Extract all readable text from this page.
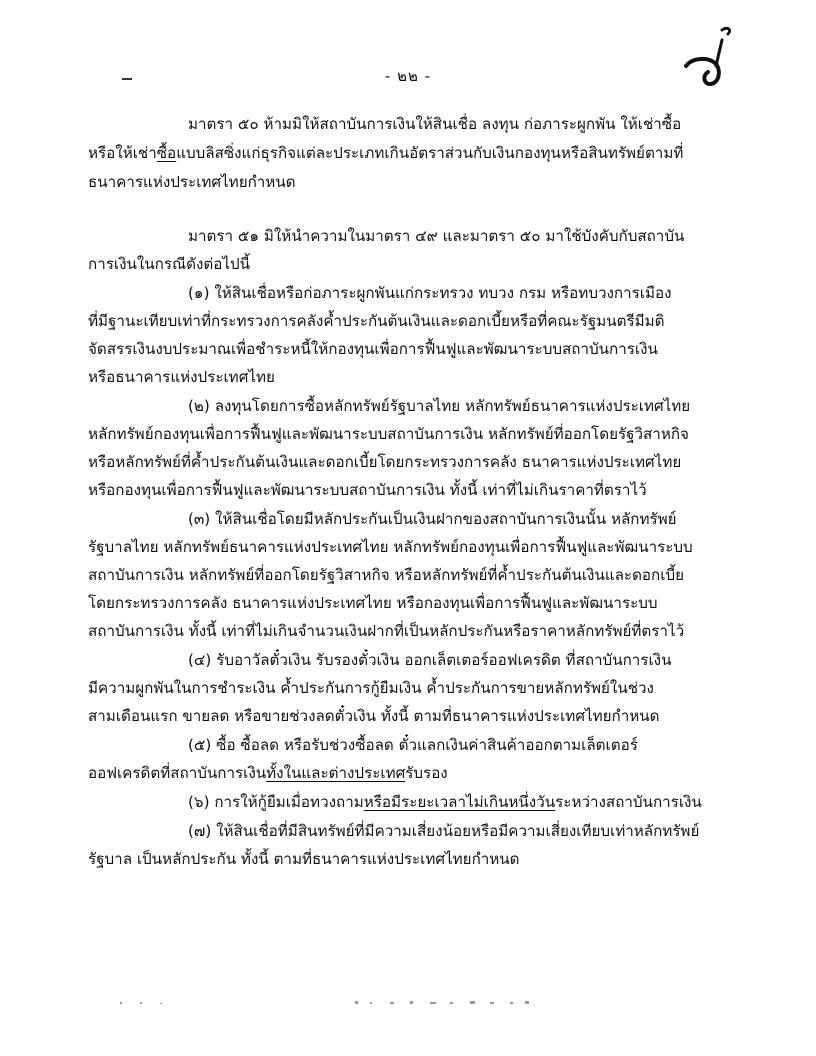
- ๒๒ -
มาตรา ๕๐ ห้ามมิให้สถาบันการเงินให้สินเชื่อ ลงทุน ก่อภาระผูกพัน ให้เช่าซื้อ
หรือให้เช่าซื้อแบบลิสซิ่งแก่ธุรกิจแต่ละประเภทเกินอัตราส่วนกับเงินกองทุนหรือสินทรัพย์ตามที่
ธนาคารแห่งประเทศไทยกำหนด
มาตรา ๕๑ มิให้นำความในมาตรา ๔๙ และมาตรา ๕๐ มาใช้บังคับกับสถาบัน
การเงินในกรณีดังต่อไปนี้
(๑) ให้สินเชื่อหรือก่อภาระผูกพันแก่กระทรวง ทบวง กรม หรือทบวงการเมือง
ที่มีฐานะเทียบเท่าที่กระทรวงการคลังค้ำประกันต้นเงินและดอกเบี้ยหรือที่คณะรัฐมนตรีมีมติ
จัดสรรเงินงบประมาณเพื่อชำระหนี้ให้กองทุนเพื่อการฟื้นฟูและพัฒนาระบบสถาบันการเงิน
หรือธนาคารแห่งประเทศไทย
(๒) ลงทุนโดยการซื้อหลักทรัพย์รัฐบาลไทย หลักทรัพย์ธนาคารแห่งประเทศไทย
หลักทรัพย์กองทุนเพื่อการฟื้นฟูและพัฒนาระบบสถาบันการเงิน หลักทรัพย์ที่ออกโดยรัฐวิสาหกิจ
หรือหลักทรัพย์ที่ค้ำประกันต้นเงินและดอกเบี้ยโดยกระทรวงการคลัง ธนาคารแห่งประเทศไทย
หรือกองทุนเพื่อการฟื้นฟูและพัฒนาระบบสถาบันการเงิน ทั้งนี้ เท่าที่ไม่เกินราคาที่ตราไว้
(๓) ให้สินเชื่อโดยมีหลักประกันเป็นเงินฝากของสถาบันการเงินนั้น หลักทรัพย์
รัฐบาลไทย หลักทรัพย์ธนาคารแห่งประเทศไทย หลักทรัพย์กองทุนเพื่อการฟื้นฟูและพัฒนาระบบ
สถาบันการเงิน หลักทรัพย์ที่ออกโดยรัฐวิสาหกิจ หรือหลักทรัพย์ที่ค้ำประกันต้นเงินและดอกเบี้ย
โดยกระทรวงการคลัง ธนาคารแห่งประเทศไทย หรือกองทุนเพื่อการฟื้นฟูและพัฒนาระบบ
สถาบันการเงิน ทั้งนี้ เท่าที่ไม่เกินจำนวนเงินฝากที่เป็นหลักประกันหรือราคาหลักทรัพย์ที่ตราไว้
(๔) รับอาวัลตั๋วเงิน รับรองตั๋วเงิน ออกเล็ตเตอร์ออฟเครดิต ที่สถาบันการเงิน
มีความผูกพันในการชำระเงิน ค้ำประกันการกู้ยืมเงิน ค้ำประกันการขายหลักทรัพย์ในช่วง
สามเดือนแรก ขายลด หรือขายช่วงลดตั๋วเงิน ทั้งนี้ ตามที่ธนาคารแห่งประเทศไทยกำหนด
(๕) ซื้อ ซื้อลด หรือรับช่วงซื้อลด ตั๋วแลกเงินค่าสินค้าออกตามเล็ตเตอร์
ออฟเครดิตที่สถาบันการเงินทั้งในและต่างประเทศรับรอง
(๖) การให้กู้ยืมเมื่อทวงถามหรือมีระยะเวลาไม่เกินหนึ่งวันระหว่างสถาบันการเงิน
(๗) ให้สินเชื่อที่มีสินทรัพย์ที่มีความเสี่ยงน้อยหรือมีความเสี่ยงเทียบเท่าหลักทรัพย์
รัฐบาล เป็นหลักประกัน ทั้งนี้ ตามที่ธนาคารแห่งประเทศไทยกำหนด
